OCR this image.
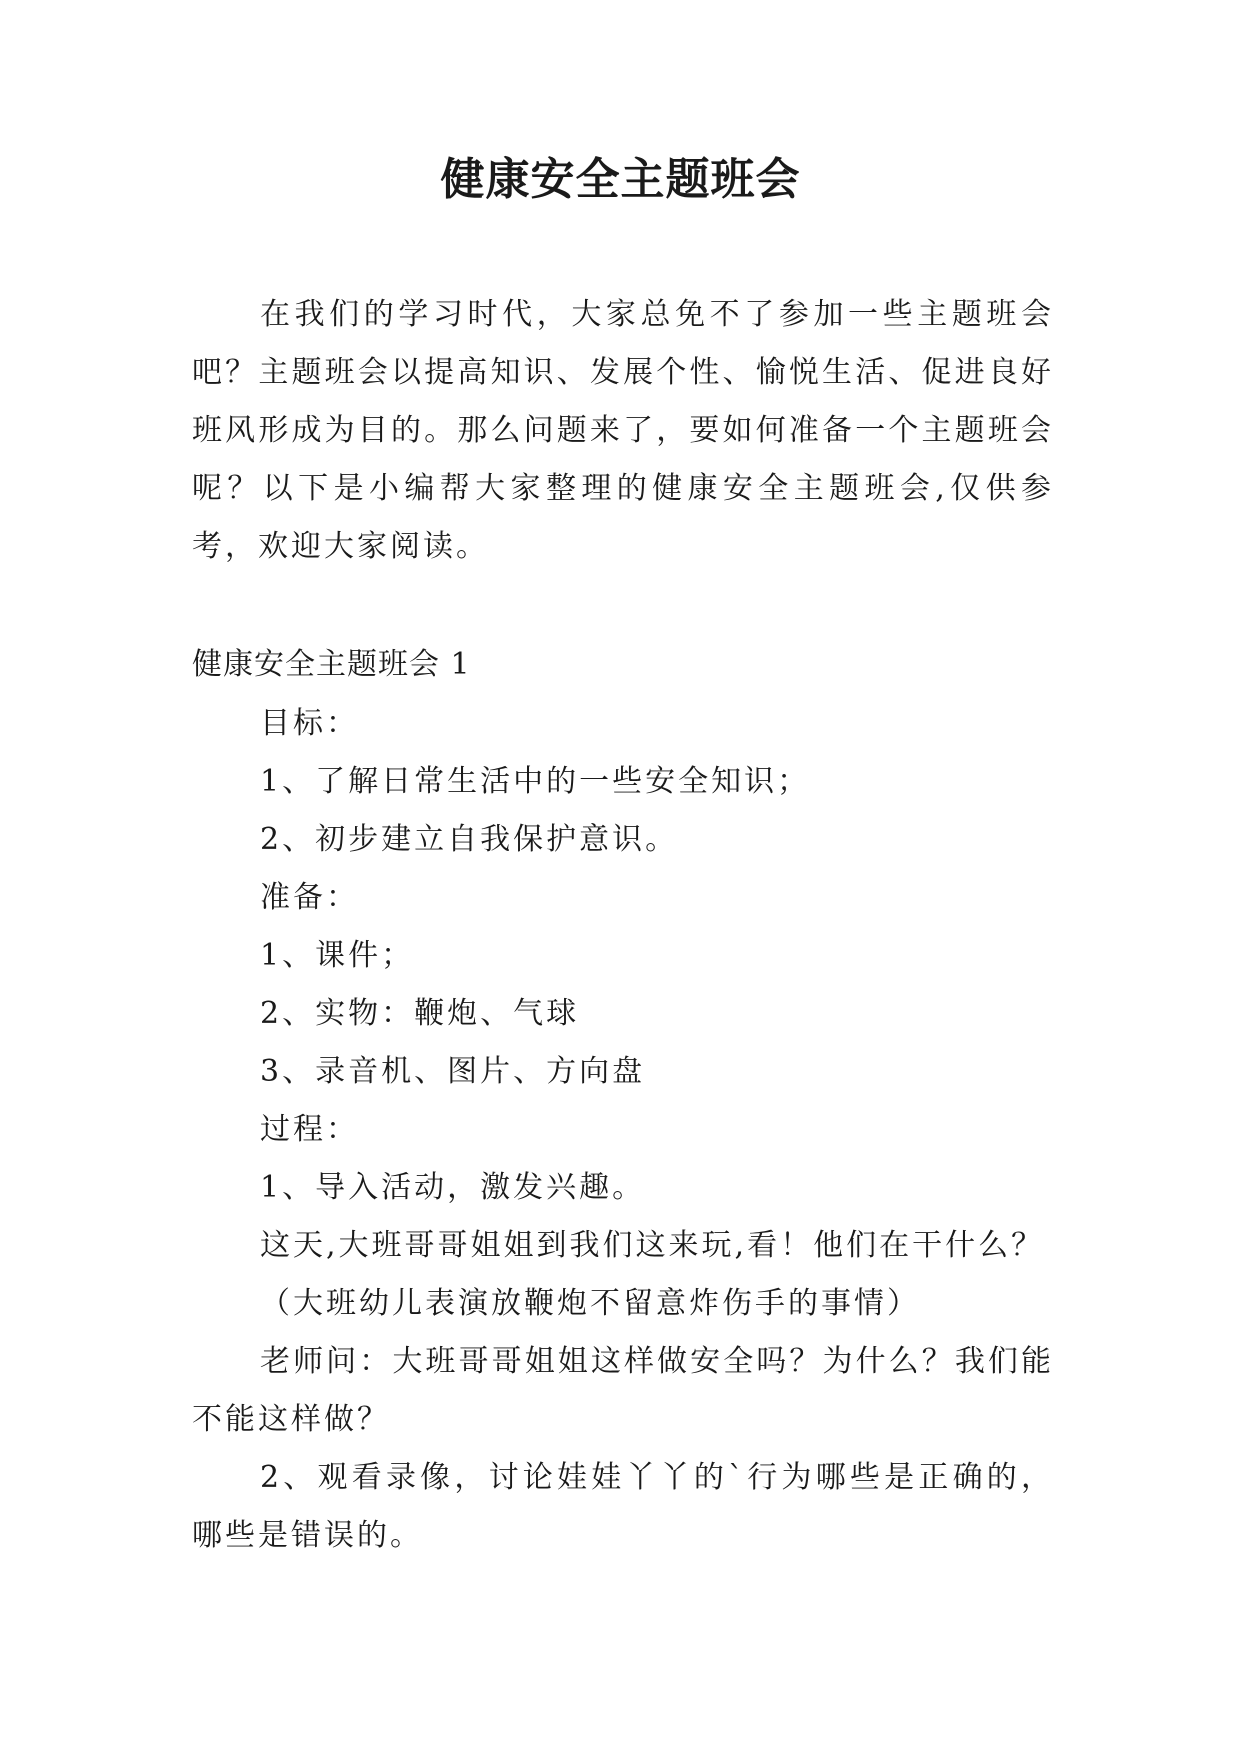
健康安全主题班会

在我们的学习时代，大家总免不了参加一些主题班会吧？主题班会以提高知识、发展个性、愉悦生活、促进良好班风形成为目的。那么问题来了，要如何准备一个主题班会呢？以下是小编帮大家整理的健康安全主题班会,仅供参考，欢迎大家阅读。

健康安全主题班会 1

目标：

1、了解日常生活中的一些安全知识；

2、初步建立自我保护意识。

准备：

1、课件；

2、实物：鞭炮、气球

3、录音机、图片、方向盘

过程：

1、导入活动，激发兴趣。

这天,大班哥哥姐姐到我们这来玩,看！他们在干什么？

（大班幼儿表演放鞭炮不留意炸伤手的事情）

老师问：大班哥哥姐姐这样做安全吗？为什么？我们能不能这样做？

2、观看录像，讨论娃娃丫丫的`行为哪些是正确的，哪些是错误的。
